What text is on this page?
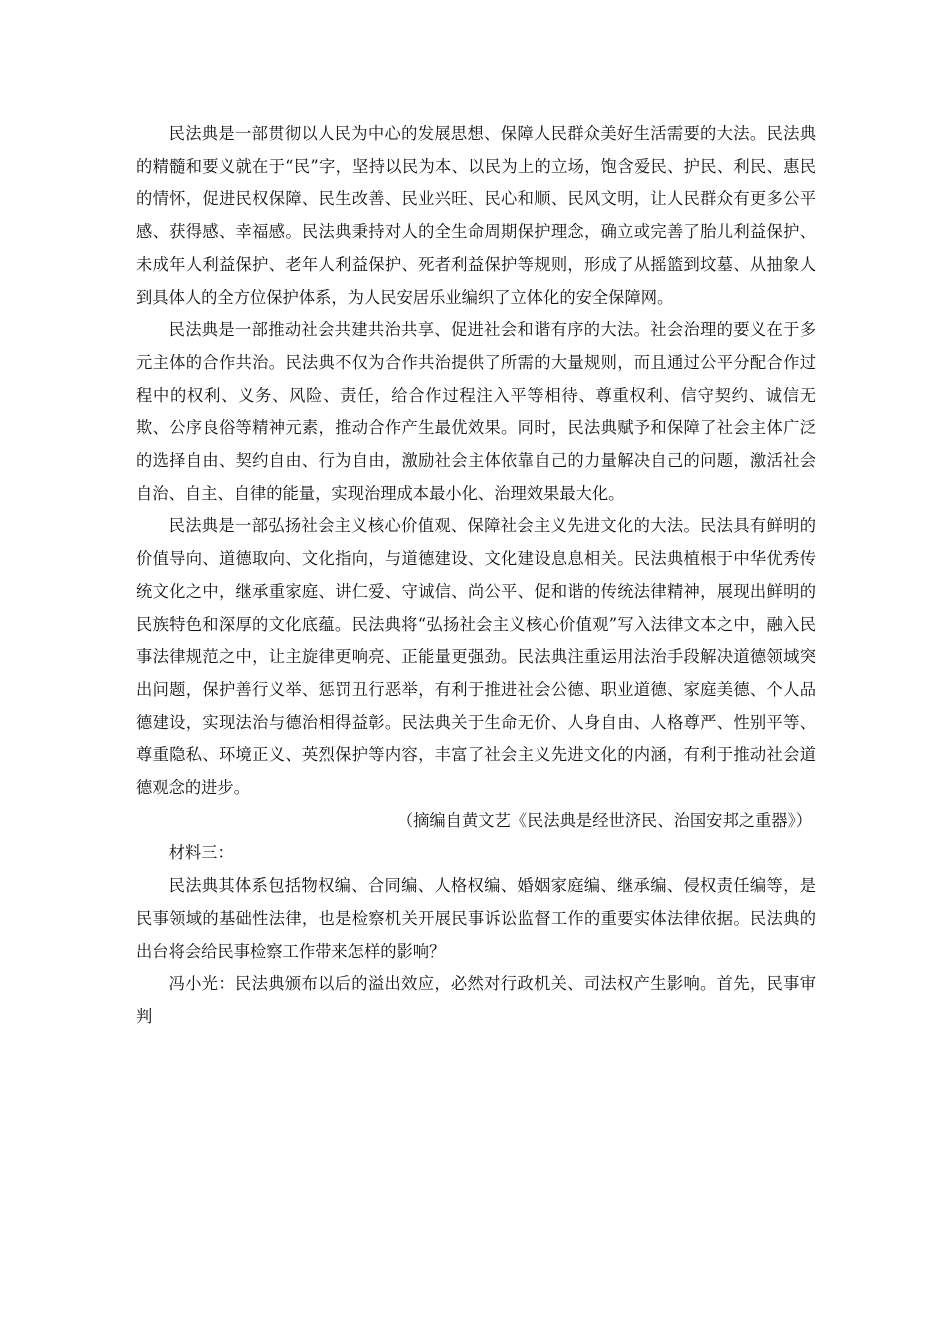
民法典是一部贯彻以人民为中心的发展思想、保障人民群众美好生活需要的大法。民法典的精髓和要义就在于“民”字，坚持以民为本、以民为上的立场，饱含爱民、护民、利民、惠民的情怀，促进民权保障、民生改善、民业兴旺、民心和顺、民风文明，让人民群众有更多公平感、获得感、幸福感。民法典秉持对人的全生命周期保护理念，确立或完善了胎儿利益保护、未成年人利益保护、老年人利益保护、死者利益保护等规则，形成了从摇篮到坟墓、从抽象人到具体人的全方位保护体系，为人民安居乐业编织了立体化的安全保障网。

民法典是一部推动社会共建共治共享、促进社会和谐有序的大法。社会治理的要义在于多元主体的合作共治。民法典不仅为合作共治提供了所需的大量规则，而且通过公平分配合作过程中的权利、义务、风险、责任，给合作过程注入平等相待、尊重权利、信守契约、诚信无欺、公序良俗等精神元素，推动合作产生最优效果。同时，民法典赋予和保障了社会主体广泛的选择自由、契约自由、行为自由，激励社会主体依靠自己的力量解决自己的问题，激活社会自治、自主、自律的能量，实现治理成本最小化、治理效果最大化。

民法典是一部弘扬社会主义核心价值观、保障社会主义先进文化的大法。民法具有鲜明的价值导向、道德取向、文化指向，与道德建设、文化建设息息相关。民法典植根于中华优秀传统文化之中，继承重家庭、讲仁爱、守诚信、尚公平、促和谐的传统法律精神，展现出鲜明的民族特色和深厚的文化底蕴。民法典将“弘扬社会主义核心价值观”写入法律文本之中，融入民事法律规范之中，让主旋律更响亮、正能量更强劲。民法典注重运用法治手段解决道德领域突出问题，保护善行义举、惩罚丑行恶举，有利于推进社会公德、职业道德、家庭美德、个人品德建设，实现法治与德治相得益彰。民法典关于生命无价、人身自由、人格尊严、性别平等、尊重隐私、环境正义、英烈保护等内容，丰富了社会主义先进文化的内涵，有利于推动社会道德观念的进步。

（摘编自黄文艺《民法典是经世济民、治国安邦之重器》）

材料三：

民法典其体系包括物权编、合同编、人格权编、婚姻家庭编、继承编、侵权责任编等，是民事领域的基础性法律，也是检察机关开展民事诉讼监督工作的重要实体法律依据。民法典的出台将会给民事检察工作带来怎样的影响？

冯小光：民法典颁布以后的溢出效应，必然对行政机关、司法权产生影响。首先，民事审判
